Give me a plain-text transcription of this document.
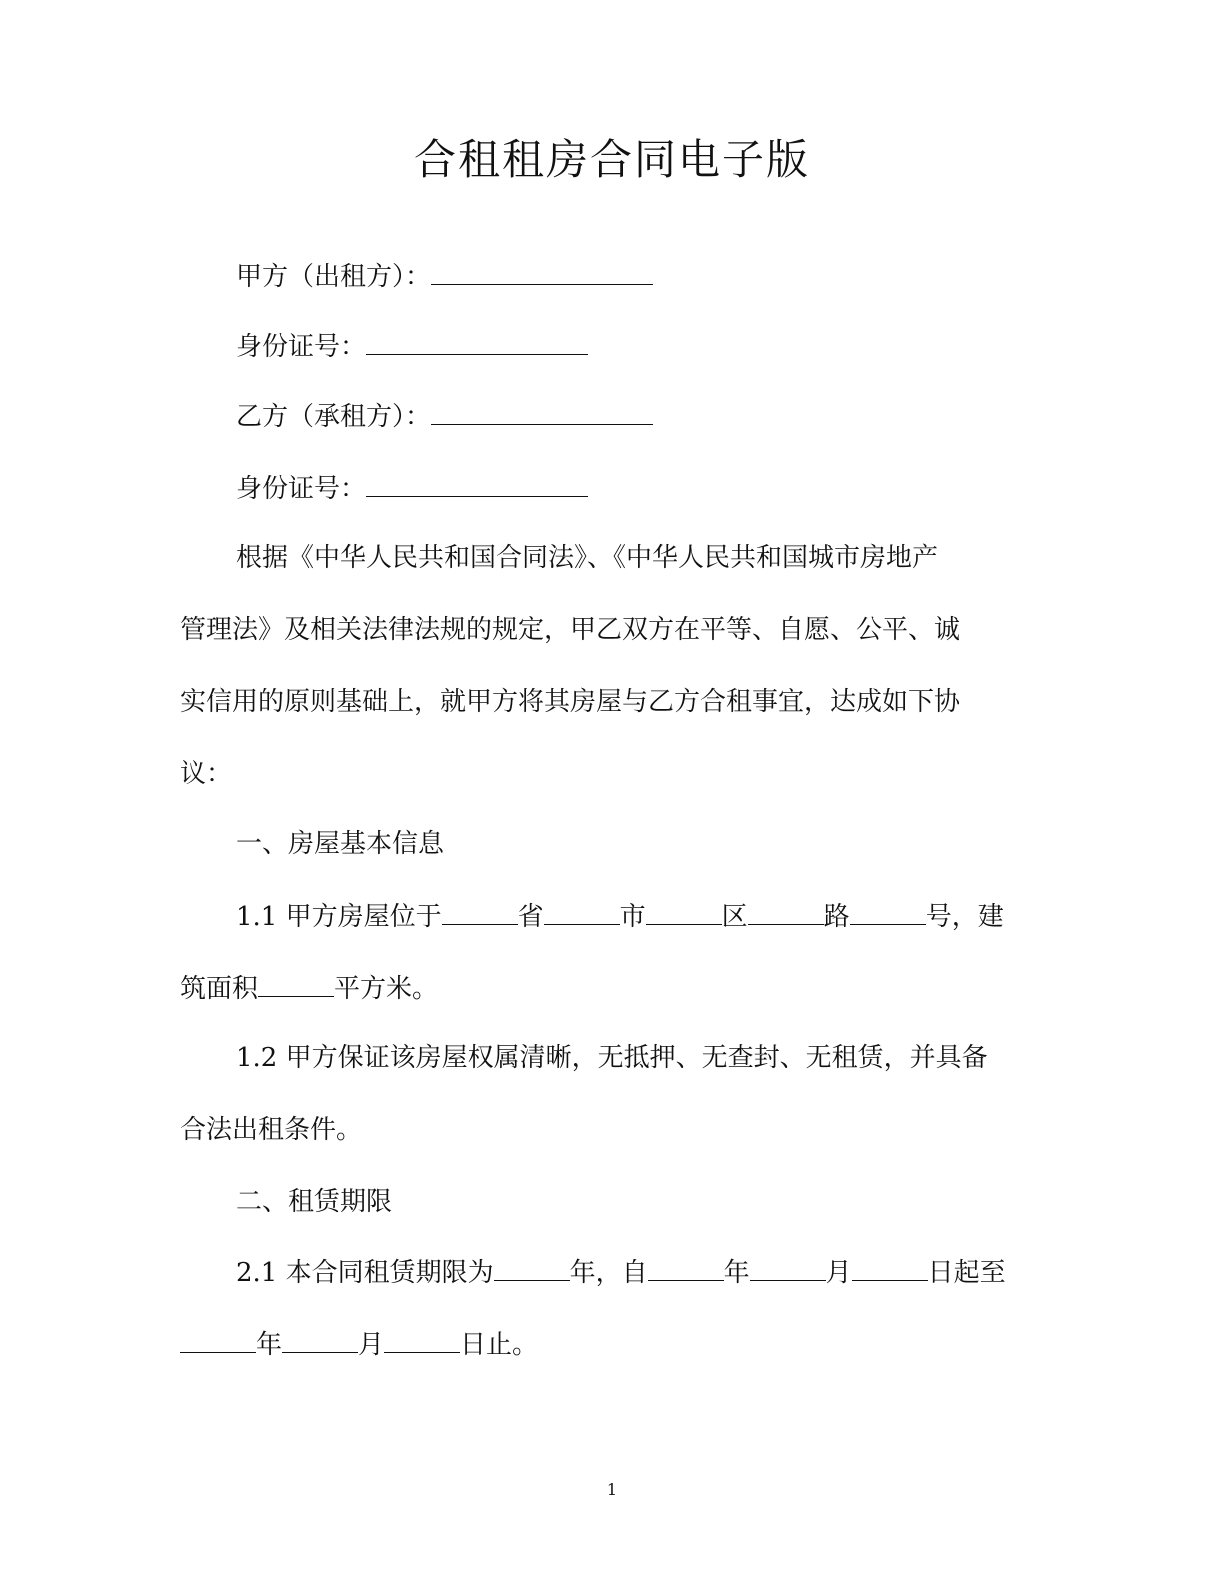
合租租房合同电子版
甲方（出租方）：
身份证号：
乙方（承租方）：
身份证号：
根据《中华人民共和国合同法》、《中华人民共和国城市房地产
管理法》及相关法律法规的规定，甲乙双方在平等、自愿、公平、诚
实信用的原则基础上，就甲方将其房屋与乙方合租事宜，达成如下协
议：
一、房屋基本信息
1.1 甲方房屋位于	省	市	区	路	号，建
筑面积	平方米。
1.2 甲方保证该房屋权属清晰，无抵押、无查封、无租赁，并具备
合法出租条件。
二、租赁期限
2.1 本合同租赁期限为	年，自	年	月	日起至
年	月	日止。
1
